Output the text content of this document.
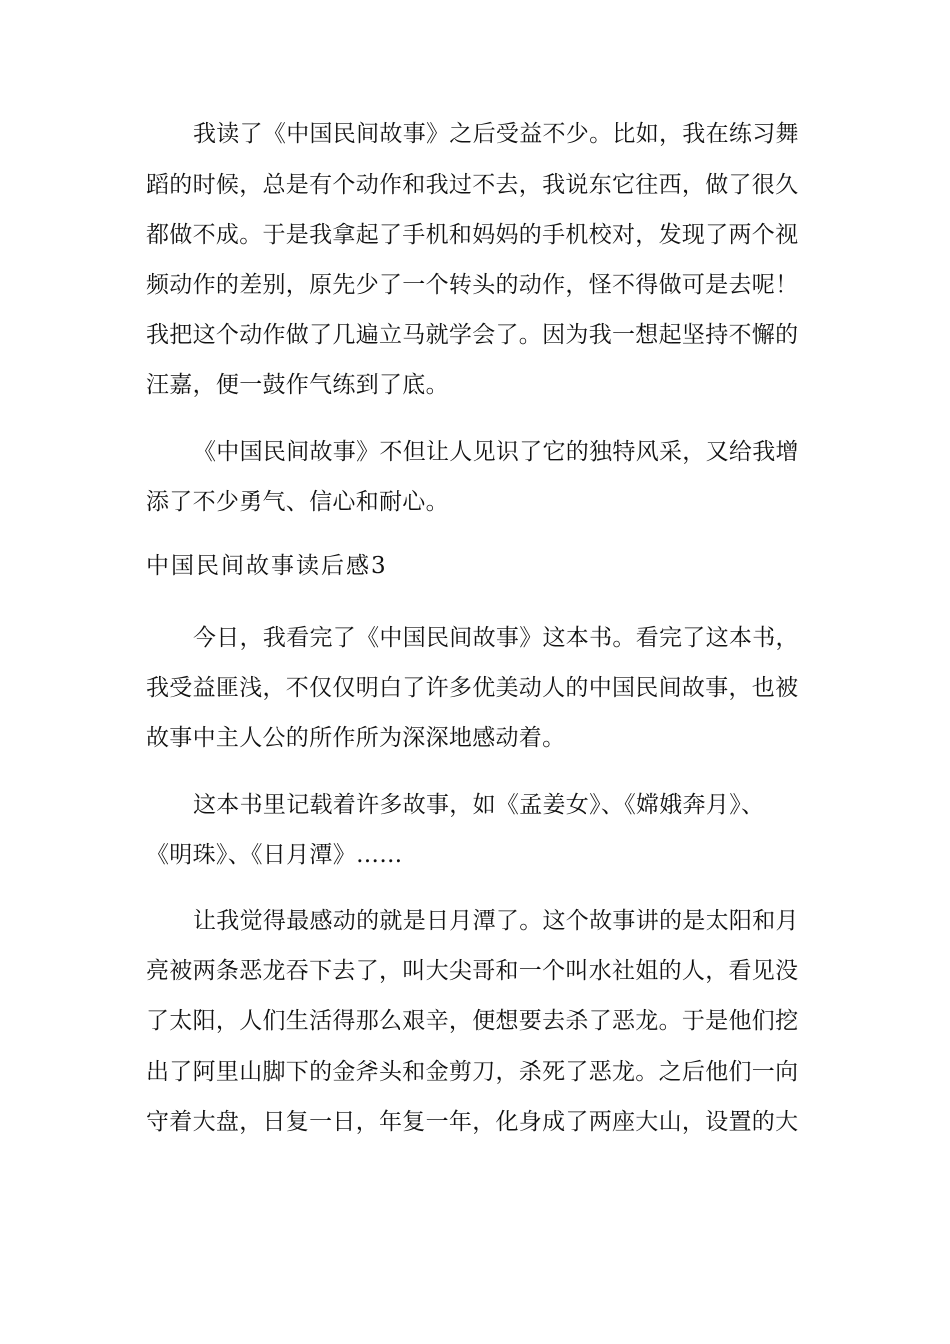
我读了《中国民间故事》之后受益不少。比如，我在练习舞
蹈的时候，总是有个动作和我过不去，我说东它往西，做了很久
都做不成。于是我拿起了手机和妈妈的手机校对，发现了两个视
频动作的差别，原先少了一个转头的动作，怪不得做可是去呢！
我把这个动作做了几遍立马就学会了。因为我一想起坚持不懈的
汪嘉，便一鼓作气练到了底。
《中国民间故事》不但让人见识了它的独特风采，又给我增
添了不少勇气、信心和耐心。
中国民间故事读后感3
今日，我看完了《中国民间故事》这本书。看完了这本书，
我受益匪浅，不仅仅明白了许多优美动人的中国民间故事，也被
故事中主人公的所作所为深深地感动着。
这本书里记载着许多故事，如《孟姜女》、《嫦娥奔月》、
《明珠》、《日月潭》……
让我觉得最感动的就是日月潭了。这个故事讲的是太阳和月
亮被两条恶龙吞下去了，叫大尖哥和一个叫水社姐的人，看见没
了太阳，人们生活得那么艰辛，便想要去杀了恶龙。于是他们挖
出了阿里山脚下的金斧头和金剪刀，杀死了恶龙。之后他们一向
守着大盘，日复一日，年复一年，化身成了两座大山，设置的大
